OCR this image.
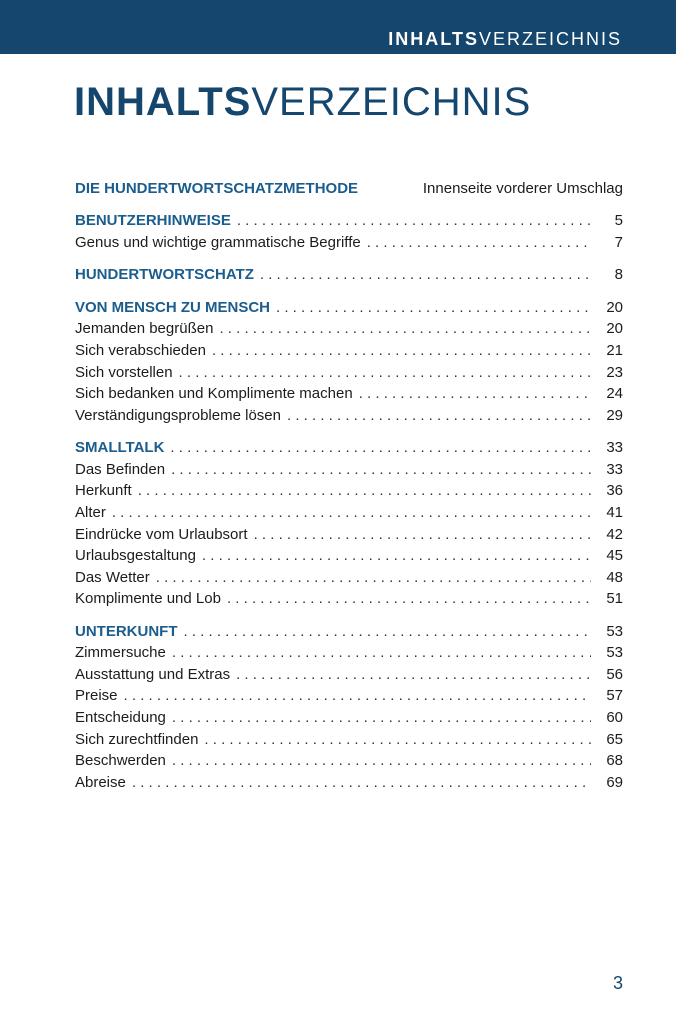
INHALTSVERZEICHNIS
INHALTSVERZEICHNIS
DIE HUNDERTWORTSCHATZMETHODE	Innenseite vorderer Umschlag
BENUTZERHINWEISE . . .	5
Genus und wichtige grammatische Begriffe . . .	7
HUNDERTWORTSCHATZ . . .	8
VON MENSCH ZU MENSCH . . .	20
Jemanden begrüßen . . .	20
Sich verabschieden . . .	21
Sich vorstellen . . .	23
Sich bedanken und Komplimente machen . . .	24
Verständigungsprobleme lösen . . .	29
SMALLTALK . . .	33
Das Befinden . . .	33
Herkunft . . .	36
Alter . . .	41
Eindrücke vom Urlaubsort . . .	42
Urlaubsgestaltung . . .	45
Das Wetter . . .	48
Komplimente und Lob . . .	51
UNTERKUNFT . . .	53
Zimmersuche . . .	53
Ausstattung und Extras . . .	56
Preise . . .	57
Entscheidung . . .	60
Sich zurechtfinden . . .	65
Beschwerden . . .	68
Abreise . . .	69
3
